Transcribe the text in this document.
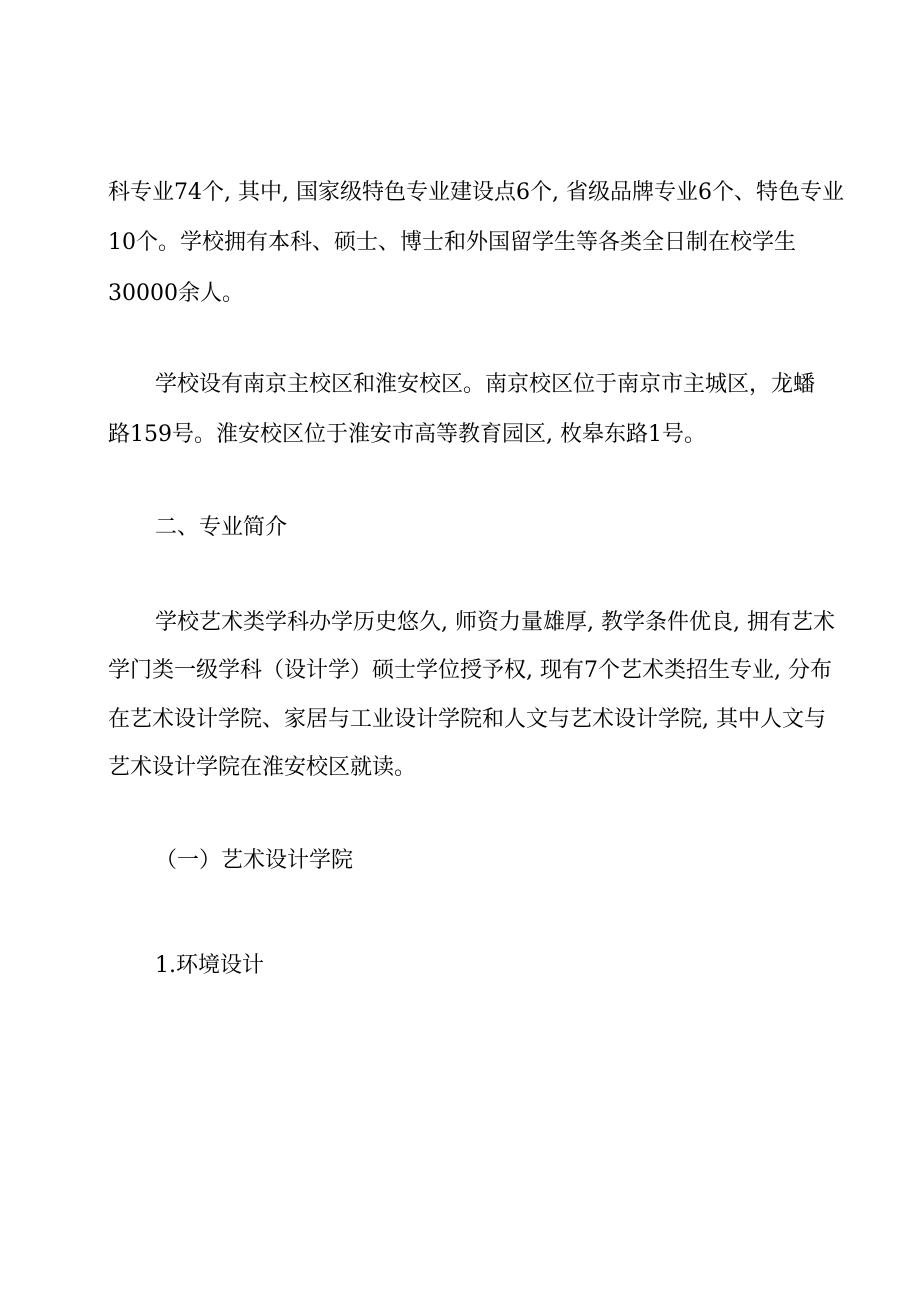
科专业74个, 其中, 国家级特色专业建设点6个, 省级品牌专业6个、特色专业
10个。学校拥有本科、硕士、博士和外国留学生等各类全日制在校学生
30000余人。
学校设有南京主校区和淮安校区。南京校区位于南京市主城区，龙蟠
路159号。淮安校区位于淮安市高等教育园区, 枚皋东路1号。
二、专业简介
学校艺术类学科办学历史悠久, 师资力量雄厚, 教学条件优良, 拥有艺术
学门类一级学科（设计学）硕士学位授予权, 现有7个艺术类招生专业, 分布
在艺术设计学院、家居与工业设计学院和人文与艺术设计学院, 其中人文与
艺术设计学院在淮安校区就读。
（一）艺术设计学院
1.环境设计
